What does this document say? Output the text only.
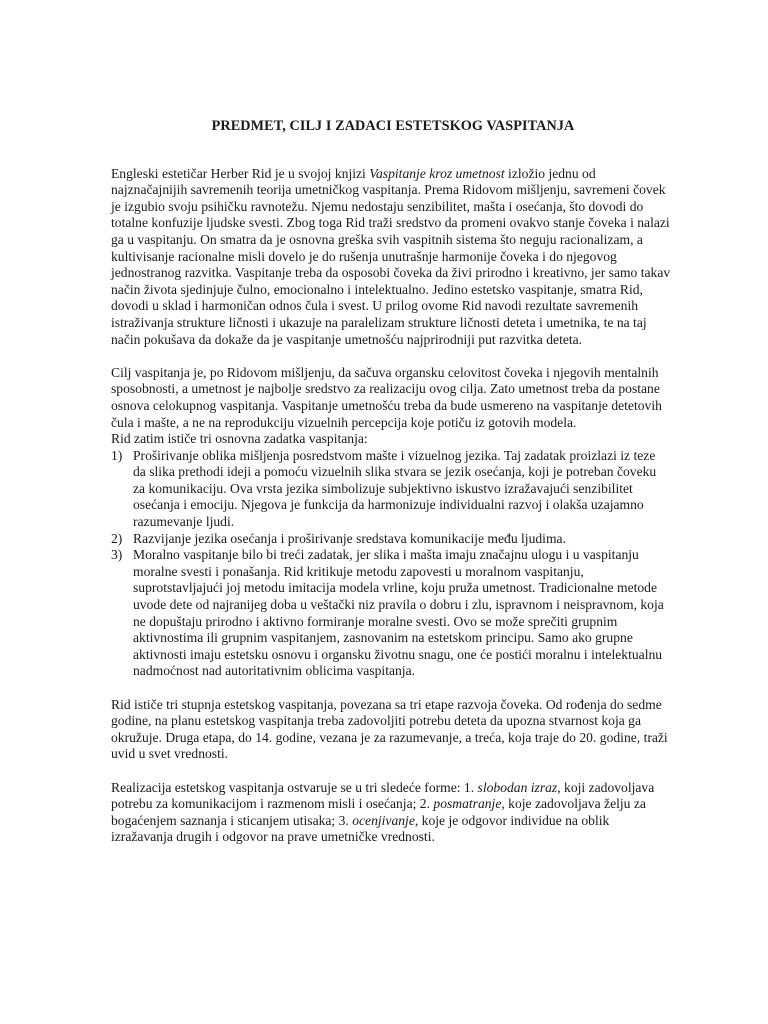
PREDMET, CILJ I ZADACI ESTETSKOG VASPITANJA

Engleski estetičar Herber Rid je u svojoj knjizi Vaspitanje kroz umetnost izložio jednu od najznačajnijih savremenih teorija umetničkog vaspitanja. Prema Ridovom mišljenju, savremeni čovek je izgubio svoju psihičku ravnotežu. Njemu nedostaju senzibilitet, mašta i osećanja, što dovodi do totalne konfuzije ljudske svesti. Zbog toga Rid traži sredstvo da promeni ovakvo stanje čoveka i nalazi ga u vaspitanju. On smatra da je osnovna greška svih vaspitnih sistema što neguju racionalizam, a kultivisanje racionalne misli dovelo je do rušenja unutrašnje harmonije čoveka i do njegovog jednostranog razvitka. Vaspitanje treba da osposobi čoveka da živi prirodno i kreativno, jer samo takav način života sjedinjuje čulno, emocionalno i intelektualno. Jedino estetsko vaspitanje, smatra Rid, dovodi u sklad i harmoničan odnos čula i svest. U prilog ovome Rid navodi rezultate savremenih istraživanja strukture ličnosti i ukazuje na paralelizam strukture ličnosti deteta i umetnika, te na taj način pokušava da dokaže da je vaspitanje umetnošću najprirodniji put razvitka deteta.

Cilj vaspitanja je, po Ridovom mišljenju, da sačuva organsku celovitost čoveka i njegovih mentalnih sposobnosti, a umetnost je najbolje sredstvo za realizaciju ovog cilja. Zato umetnost treba da postane osnova celokupnog vaspitanja. Vaspitanje umetnošću treba da bude usmereno na vaspitanje detetovih čula i mašte, a ne na reprodukciju vizuelnih percepcija koje potiču iz gotovih modela.

Rid zatim ističe tri osnovna zadatka vaspitanja:

1) Proširivanje oblika mišljenja posredstvom mašte i vizuelnog jezika. Taj zadatak proizlazi iz teze da slika prethodi ideji a pomoću vizuelnih slika stvara se jezik osećanja, koji je potreban čoveku za komunikaciju. Ova vrsta jezika simbolizuje subjektivno iskustvo izražavajući senzibilitet osećanja i emociju. Njegova je funkcija da harmonizuje individualni razvoj i olakša uzajamno razumevanje ljudi.
2) Razvijanje jezika osećanja i proširivanje sredstava komunikacije među ljudima.
3) Moralno vaspitanje bilo bi treći zadatak, jer slika i mašta imaju značajnu ulogu i u vaspitanju moralne svesti i ponašanja. Rid kritikuje metodu zapovesti u moralnom vaspitanju, suprotstavljajući joj metodu imitacija modela vrline, koju pruža umetnost. Tradicionalne metode uvode dete od najranijeg doba u veštački niz pravila o dobru i zlu, ispravnom i neispravnom, koja ne dopuštaju prirodno i aktivno formiranje moralne svesti. Ovo se može sprečiti grupnim aktivnostima ili grupnim vaspitanjem, zasnovanim na estetskom principu. Samo ako grupne aktivnosti imaju estetsku osnovu i organsku životnu snagu, one će postići moralnu i intelektualnu nadmoćnost nad autoritativnim oblicima vaspitanja.

Rid ističe tri stupnja estetskog vaspitanja, povezana sa tri etape razvoja čoveka. Od rođenja do sedme godine, na planu estetskog vaspitanja treba zadovoljiti potrebu deteta da upozna stvarnost koja ga okružuje. Druga etapa, do 14. godine, vezana je za razumevanje, a treća, koja traje do 20. godine, traži uvid u svet vrednosti.

Realizacija estetskog vaspitanja ostvaruje se u tri sledeće forme: 1. slobodan izraz, koji zadovoljava potrebu za komunikacijom i razmenom misli i osećanja; 2. posmatranje, koje zadovoljava želju za bogaćenjem saznanja i sticanjem utisaka; 3. ocenjivanje, koje je odgovor individue na oblik izražavanja drugih i odgovor na prave umetničke vrednosti.
